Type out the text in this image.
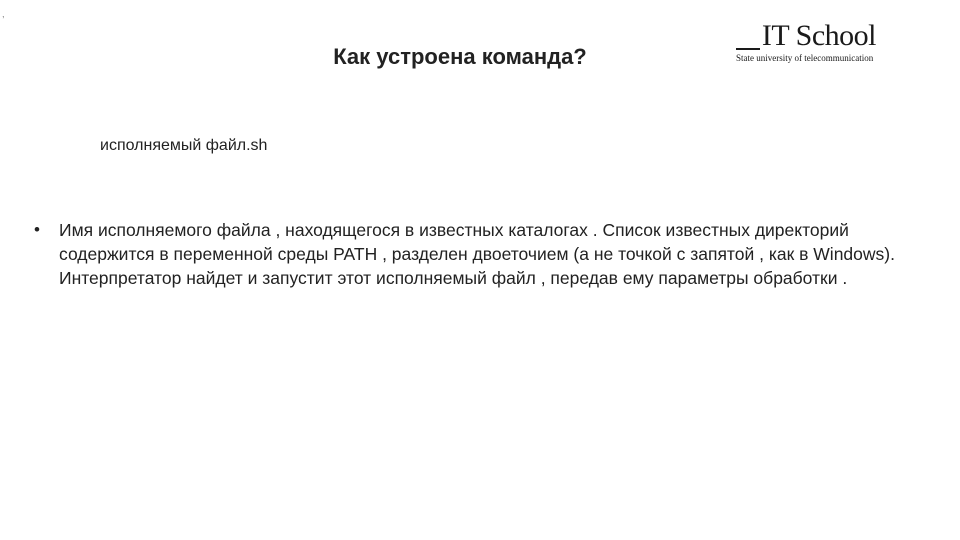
,
IT School
State university of telecommunication
Как устроена команда?

исполняемый файл.sh

• Имя исполняемого файла , находящегося в известных каталогах . Список известных директорий содержится в переменной среды PATH , разделен двоеточием (а не точкой с запятой , как в Windows). Интерпретатор найдет и запустит этот исполняемый файл , передав ему параметры обработки .
